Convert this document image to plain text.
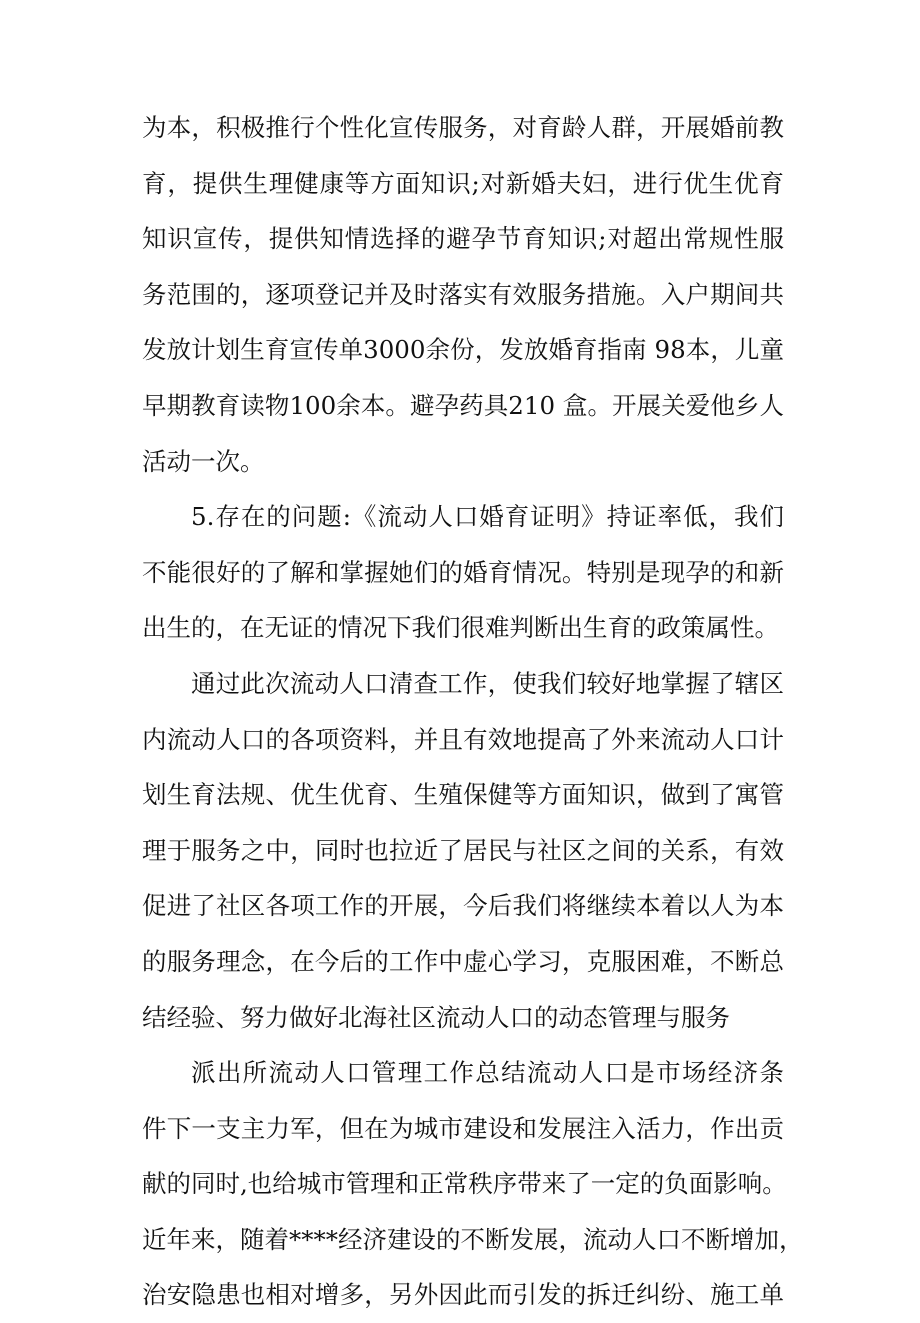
为本，积极推行个性化宣传服务，对育龄人群，开展婚前教
育，提供生理健康等方面知识;对新婚夫妇，进行优生优育
知识宣传，提供知情选择的避孕节育知识;对超出常规性服
务范围的，逐项登记并及时落实有效服务措施。入户期间共
发放计划生育宣传单3000余份，发放婚育指南 98本，儿童
早期教育读物100余本。避孕药具210 盒。开展关爱他乡人
活动一次。
5.存在的问题:《流动人口婚育证明》持证率低，我们
不能很好的了解和掌握她们的婚育情况。特别是现孕的和新
出生的，在无证的情况下我们很难判断出生育的政策属性。
通过此次流动人口清查工作，使我们较好地掌握了辖区
内流动人口的各项资料，并且有效地提高了外来流动人口计
划生育法规、优生优育、生殖保健等方面知识，做到了寓管
理于服务之中，同时也拉近了居民与社区之间的关系，有效
促进了社区各项工作的开展，今后我们将继续本着以人为本
的服务理念，在今后的工作中虚心学习，克服困难，不断总
结经验、努力做好北海社区流动人口的动态管理与服务
派出所流动人口管理工作总结流动人口是市场经济条
件下一支主力军，但在为城市建设和发展注入活力，作出贡
献的同时,也给城市管理和正常秩序带来了一定的负面影响。
近年来，随着****经济建设的不断发展，流动人口不断增加，
治安隐患也相对增多，另外因此而引发的拆迁纠纷、施工单
